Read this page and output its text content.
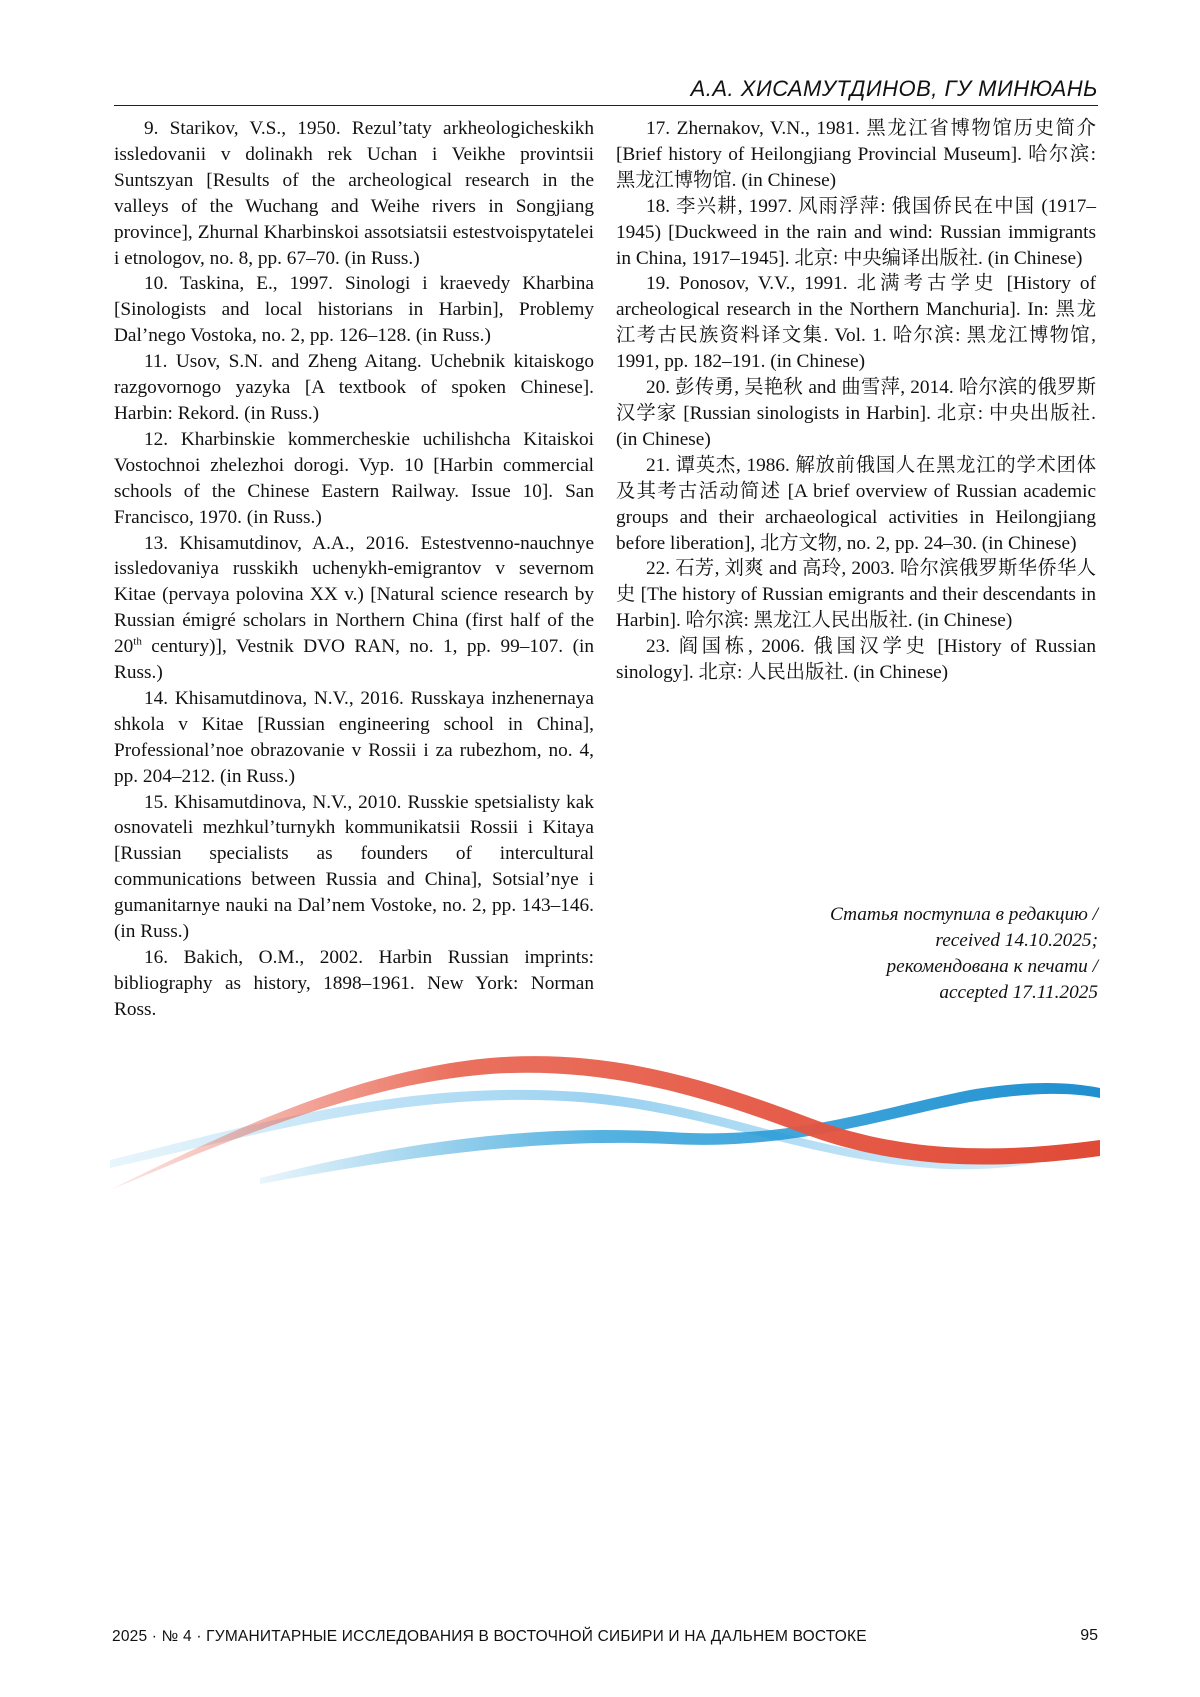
А.А. ХИСАМУТДИНОВ, ГУ МИНЮАНЬ

9. Starikov, V.S., 1950. Rezul’taty arkheologicheskikh issledovanii v dolinakh rek Uchan i Veikhe provintsii Suntszyan [Results of the archeological research in the valleys of the Wuchang and Weihe rivers in Songjiang province], Zhurnal Kharbinskoi assotsiatsii estestvoispytatelei i etnologov, no. 8, pp. 67–70. (in Russ.)

10. Taskina, E., 1997. Sinologi i kraevedy Kharbina [Sinologists and local historians in Harbin], Problemy Dal’nego Vostoka, no. 2, pp. 126–128. (in Russ.)

11. Usov, S.N. and Zheng Aitang. Uchebnik kitaiskogo razgovornogo yazyka [A textbook of spoken Chinese]. Harbin: Rekord. (in Russ.)

12. Kharbinskie kommercheskie uchilishcha Kitaiskoi Vostochnoi zhelezhoi dorogi. Vyp. 10 [Harbin commercial schools of the Chinese Eastern Railway. Issue 10]. San Francisco, 1970. (in Russ.)

13. Khisamutdinov, A.A., 2016. Estestvenno-nauchnye issledovaniya russkikh uchenykh-emigrantov v severnom Kitae (pervaya polovina XX v.) [Natural science research by Russian émigré scholars in Northern China (first half of the 20th century)], Vestnik DVO RAN, no. 1, pp. 99–107. (in Russ.)

14. Khisamutdinova, N.V., 2016. Russkaya inzhenernaya shkola v Kitae [Russian engineering school in China], Professional’noe obrazovanie v Rossii i za rubezhom, no. 4, pp. 204–212. (in Russ.)

15. Khisamutdinova, N.V., 2010. Russkie spetsialisty kak osnovateli mezhkul’turnykh kommunikatsii Rossii i Kitaya [Russian specialists as founders of intercultural communications between Russia and China], Sotsial’nye i gumanitarnye nauki na Dal’nem Vostoke, no. 2, pp. 143–146. (in Russ.)

16. Bakich, O.M., 2002. Harbin Russian imprints: bibliography as history, 1898–1961. New York: Norman Ross.

17. Zhernakov, V.N., 1981. 黑龙江省博物馆历史简介 [Brief history of Heilongjiang Provincial Museum]. 哈尔滨: 黑龙江博物馆. (in Chinese)

18. 李兴耕, 1997. 风雨浮萍: 俄国侨民在中国 (1917–1945) [Duckweed in the rain and wind: Russian immigrants in China, 1917–1945]. 北京: 中央编译出版社. (in Chinese)

19. Ponosov, V.V., 1991. 北满考古学史 [History of archeological research in the Northern Manchuria]. In: 黑龙江考古民族资料译文集. Vol. 1. 哈尔滨: 黑龙江博物馆, 1991, pp. 182–191. (in Chinese)

20. 彭传勇, 吴艳秋 and 曲雪萍, 2014. 哈尔滨的俄罗斯汉学家 [Russian sinologists in Harbin]. 北京: 中央出版社. (in Chinese)

21. 谭英杰, 1986. 解放前俄国人在黑龙江的学术团体及其考古活动简述 [A brief overview of Russian academic groups and their archaeological activities in Heilongjiang before liberation], 北方文物, no. 2, pp. 24–30. (in Chinese)

22. 石芳, 刘爽 and 高玲, 2003. 哈尔滨俄罗斯华侨华人史 [The history of Russian emigrants and their descendants in Harbin]. 哈尔滨: 黑龙江人民出版社. (in Chinese)

23. 阎国栋, 2006. 俄国汉学史 [History of Russian sinology]. 北京: 人民出版社. (in Chinese)

Статья поступила в редакцию /
received 14.10.2025;
рекомендована к печати /
accepted 17.11.2025
2025 · № 4 · ГУМАНИТАРНЫЕ ИССЛЕДОВАНИЯ В ВОСТОЧНОЙ СИБИРИ И НА ДАЛЬНЕМ ВОСТОКЕ	95
